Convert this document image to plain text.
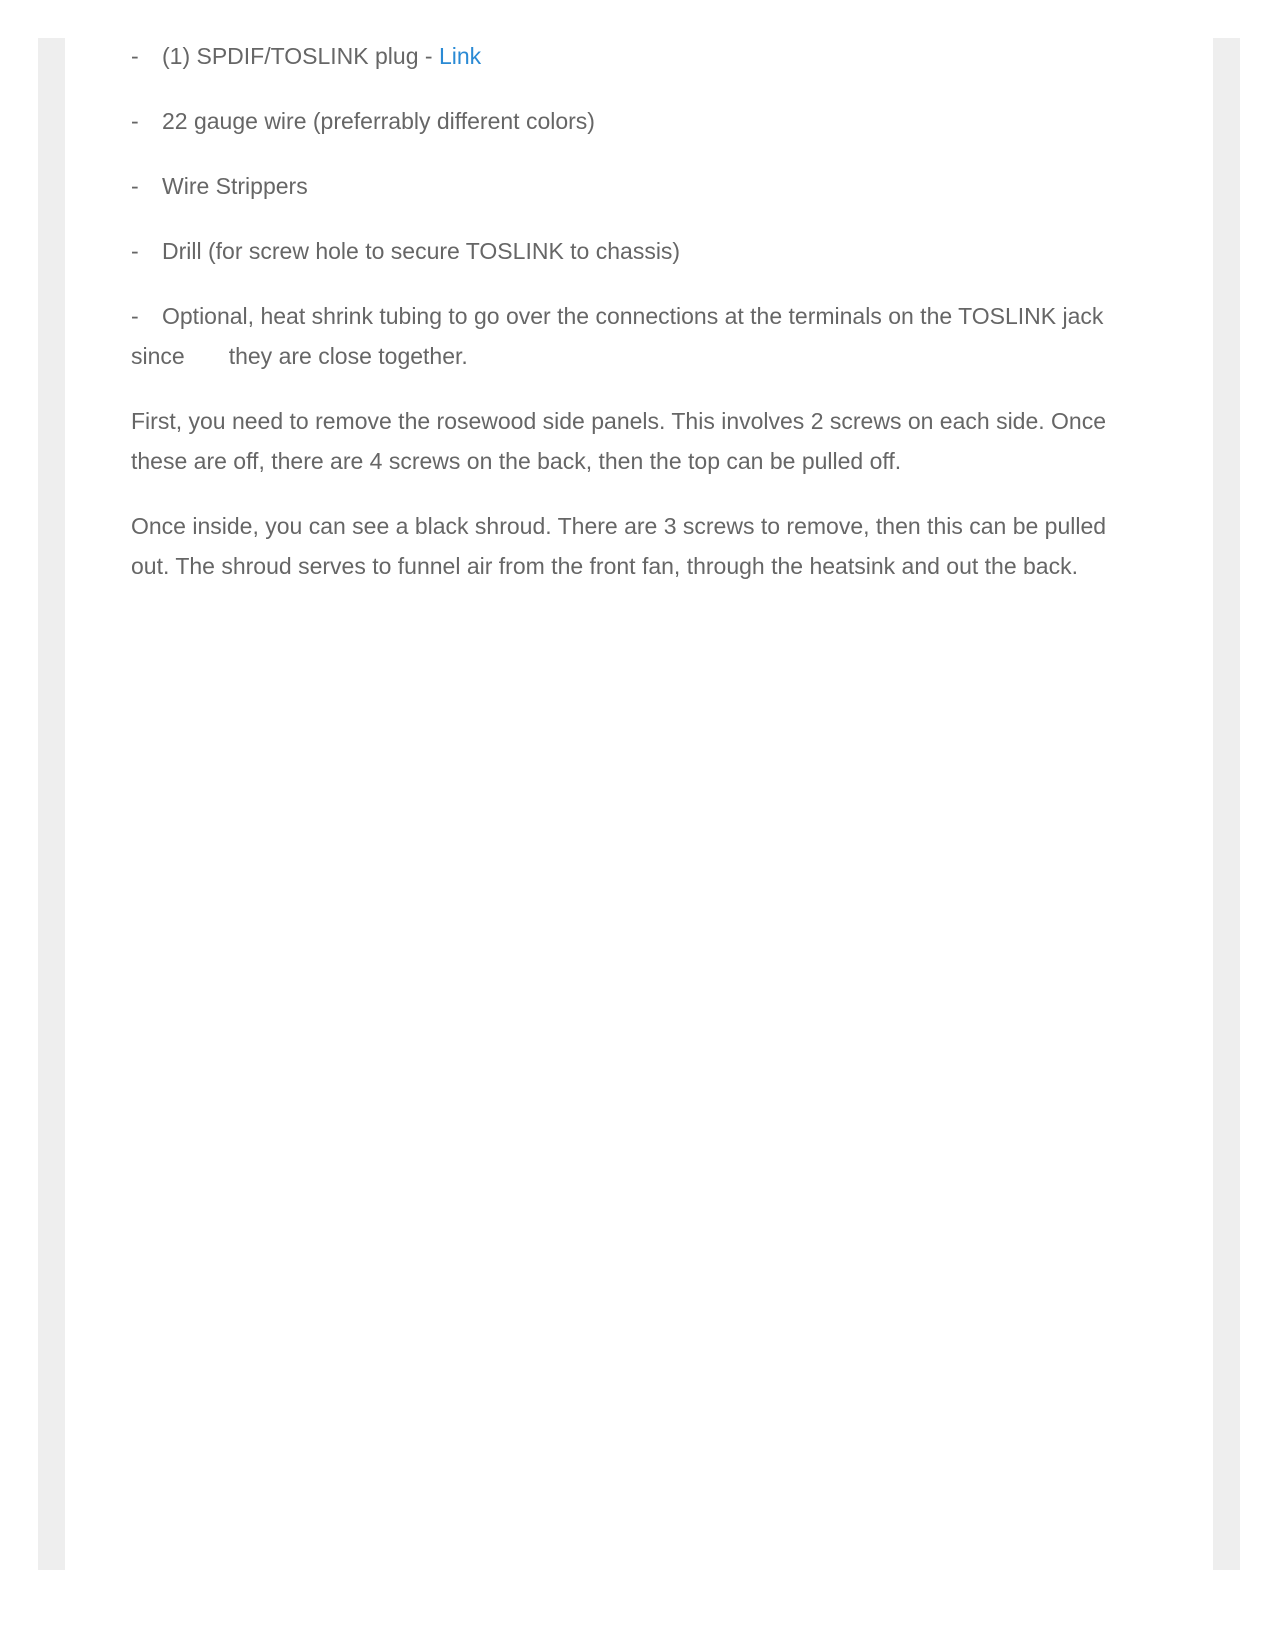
- (1) SPDIF/TOSLINK plug - Link
- 22 gauge wire (preferrably different colors)
- Wire Strippers
- Drill (for screw hole to secure TOSLINK to chassis)
- Optional, heat shrink tubing to go over the connections at the terminals on the TOSLINK jack since they are close together.

First, you need to remove the rosewood side panels. This involves 2 screws on each side. Once these are off, there are 4 screws on the back, then the top can be pulled off.

Once inside, you can see a black shroud. There are 3 screws to remove, then this can be pulled out. The shroud serves to funnel air from the front fan, through the heatsink and out the back.
